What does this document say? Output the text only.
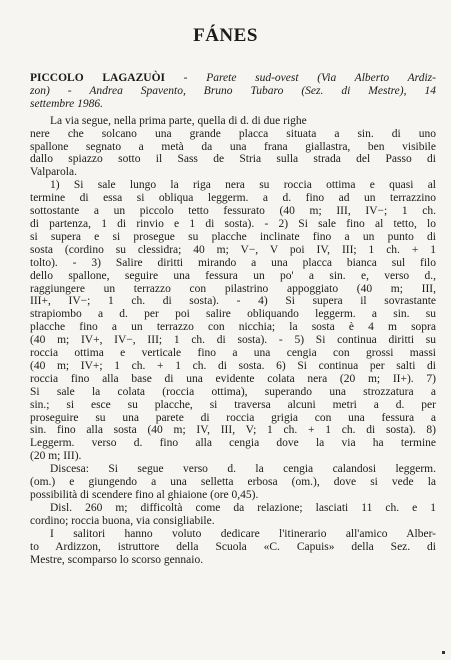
FÁNES
PICCOLO LAGAZUÒI - Parete sud-ovest (Via Alberto Ardiz-
zon) - Andrea Spavento, Bruno Tubaro (Sez. di Mestre), 14
settembre 1986.
La via segue, nella prima parte, quella di d. di due righe
nere che solcano una grande placca situata a sin. di uno
spallone segnato a metà da una frana giallastra, ben visibile
dallo spiazzo sotto il Sass de Stria sulla strada del Passo di
Valparola.
1) Si sale lungo la riga nera su roccia ottima e quasi al
termine di essa si obliqua leggerm. a d. fino ad un terrazzino
sottostante a un piccolo tetto fessurato (40 m; III, IV−; 1 ch.
di partenza, 1 di rinvio e 1 di sosta). - 2) Si sale fino al tetto, lo
si supera e si prosegue su placche inclinate fino a un punto di
sosta (cordino su clessidra; 40 m; V−, V poi IV, III; 1 ch. + 1
tolto). - 3) Salire diritti mirando a una placca bianca sul filo
dello spallone, seguire una fessura un po' a sin. e, verso d.,
raggiungere un terrazzo con pilastrino appoggiato (40 m; III,
III+, IV−; 1 ch. di sosta). - 4) Si supera il sovrastante
strapiombo a d. per poi salire obliquando leggerm. a sin. su
placche fino a un terrazzo con nicchia; la sosta è 4 m sopra
(40 m; IV+, IV−, III; 1 ch. di sosta). - 5) Si continua diritti su
roccia ottima e verticale fino a una cengia con grossi massi
(40 m; IV+; 1 ch. + 1 ch. di sosta. 6) Si continua per salti di
roccia fino alla base di una evidente colata nera (20 m; II+). 7)
Si sale la colata (roccia ottima), superando una strozzatura a
sin.; si esce su placche, si traversa alcuni metri a d. per
proseguire su una parete di roccia grigia con una fessura a
sin. fino alla sosta (40 m; IV, III, V; 1 ch. + 1 ch. di sosta). 8)
Leggerm. verso d. fino alla cengia dove la via ha termine
(20 m; III).
Discesa: Si segue verso d. la cengia calandosi leggerm.
(om.) e giungendo a una selletta erbosa (om.), dove si vede la
possibilità di scendere fino al ghiaione (ore 0,45).
Disl. 260 m; difficoltà come da relazione; lasciati 11 ch. e 1
cordino; roccia buona, via consigliabile.
I salitori hanno voluto dedicare l'itinerario all'amico Alber-
to Ardizzon, istruttore della Scuola «C. Capuis» della Sez. di
Mestre, scomparso lo scorso gennaio.
